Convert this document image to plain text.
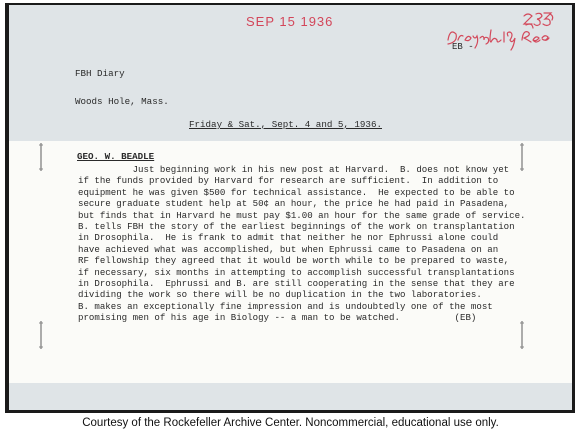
SEP 15 1936
EB -
FBH Diary
Woods Hole, Mass.
Friday & Sat., Sept. 4 and 5, 1936.
GEO. W. BEADLE
Just beginning work in his new post at Harvard.  B. does not know yet
if the funds provided by Harvard for research are sufficient.  In addition to
equipment he was given $500 for technical assistance.  He expected to be able to
secure graduate student help at 50¢ an hour, the price he had paid in Pasadena,
but finds that in Harvard he must pay $1.00 an hour for the same grade of service.
B. tells FBH the story of the earliest beginnings of the work on transplantation
in Drosophila.  He is frank to admit that neither he nor Ephrussi alone could
have achieved what was accomplished, but when Ephrussi came to Pasadena on an
RF fellowship they agreed that it would be worth while to be prepared to waste,
if necessary, six months in attempting to accomplish successful transplantations
in Drosophila.  Ephrussi and B. are still cooperating in the sense that they are
dividing the work so there will be no duplication in the two laboratories.
B. makes an exceptionally fine impression and is undoubtedly one of the most
promising men of his age in Biology -- a man to be watched.          (EB)
Courtesy of the Rockefeller Archive Center. Noncommercial, educational use only.
